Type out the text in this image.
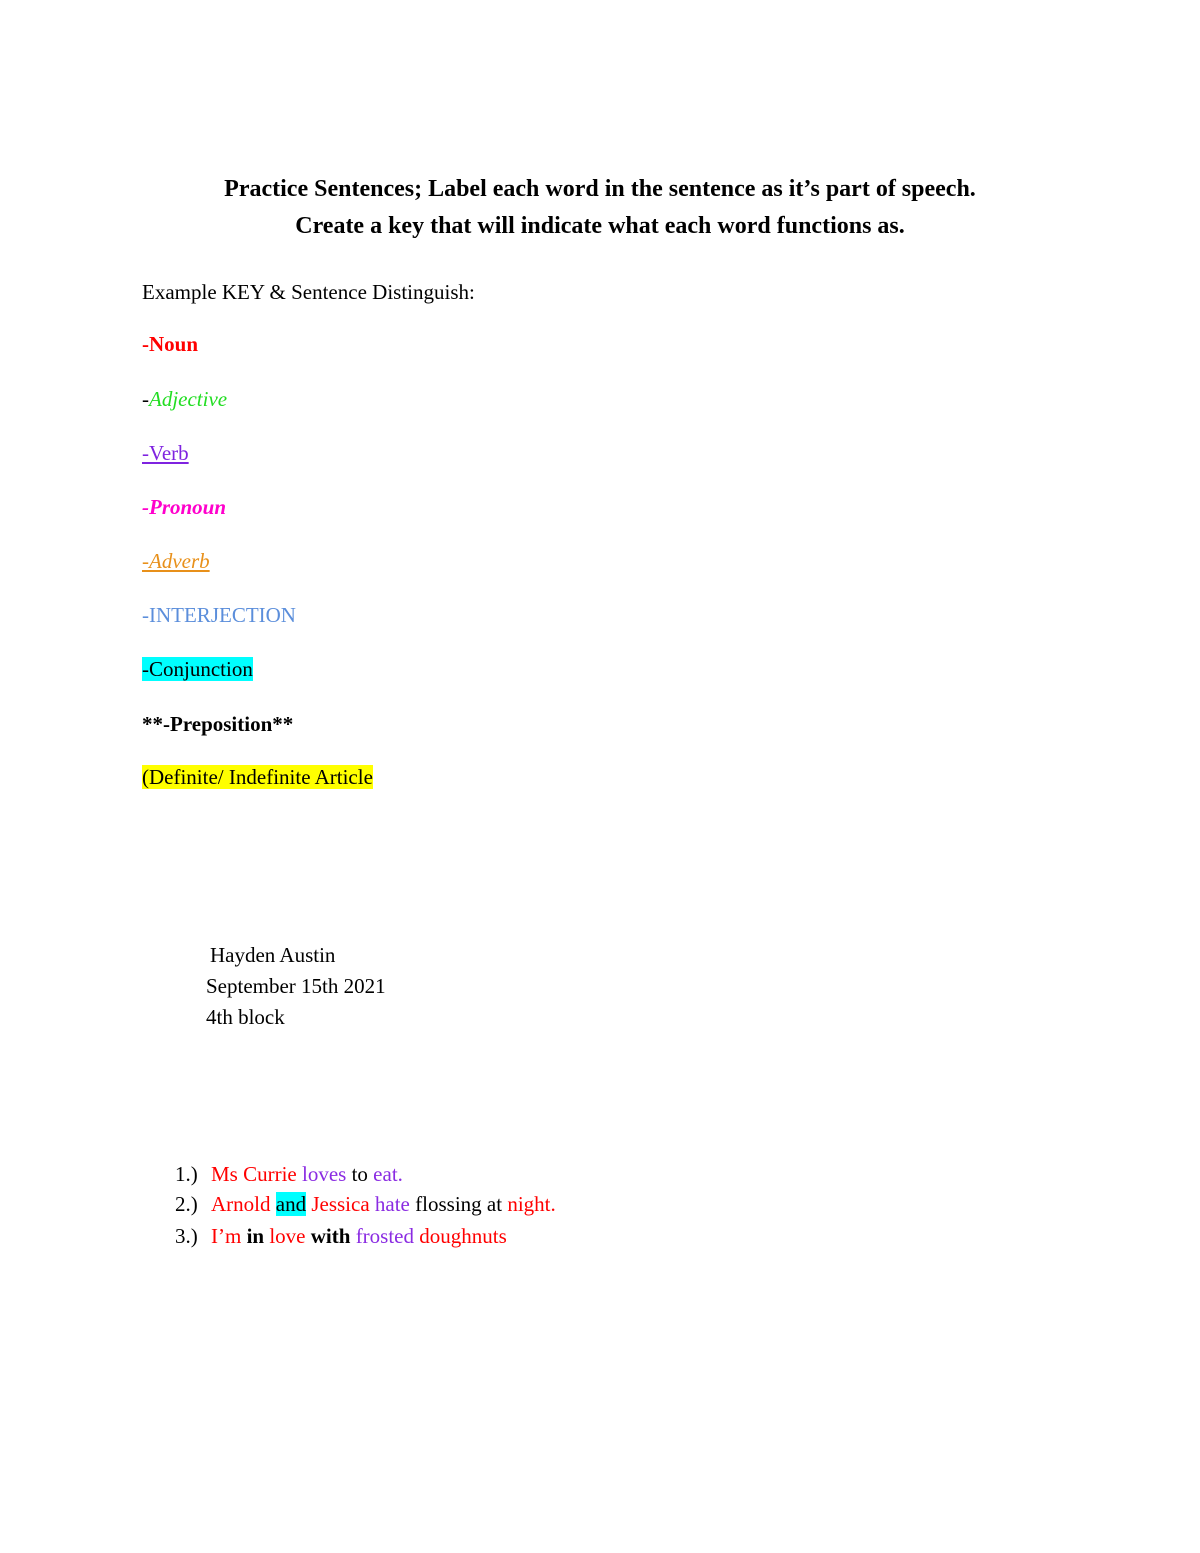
Practice Sentences; Label each word in the sentence as it’s part of speech.
Create a key that will indicate what each word functions as.
Example KEY & Sentence Distinguish:
-Noun
-Adjective
-Verb
-Pronoun
-Adverb
-INTERJECTION
-Conjunction
**-Preposition**
(Definite/ Indefinite Article
Hayden Austin
September 15th 2021
4th block
1.) Ms Currie loves to eat.
2.) Arnold and Jessica hate flossing at night.
3.) I’m in love with frosted doughnuts
